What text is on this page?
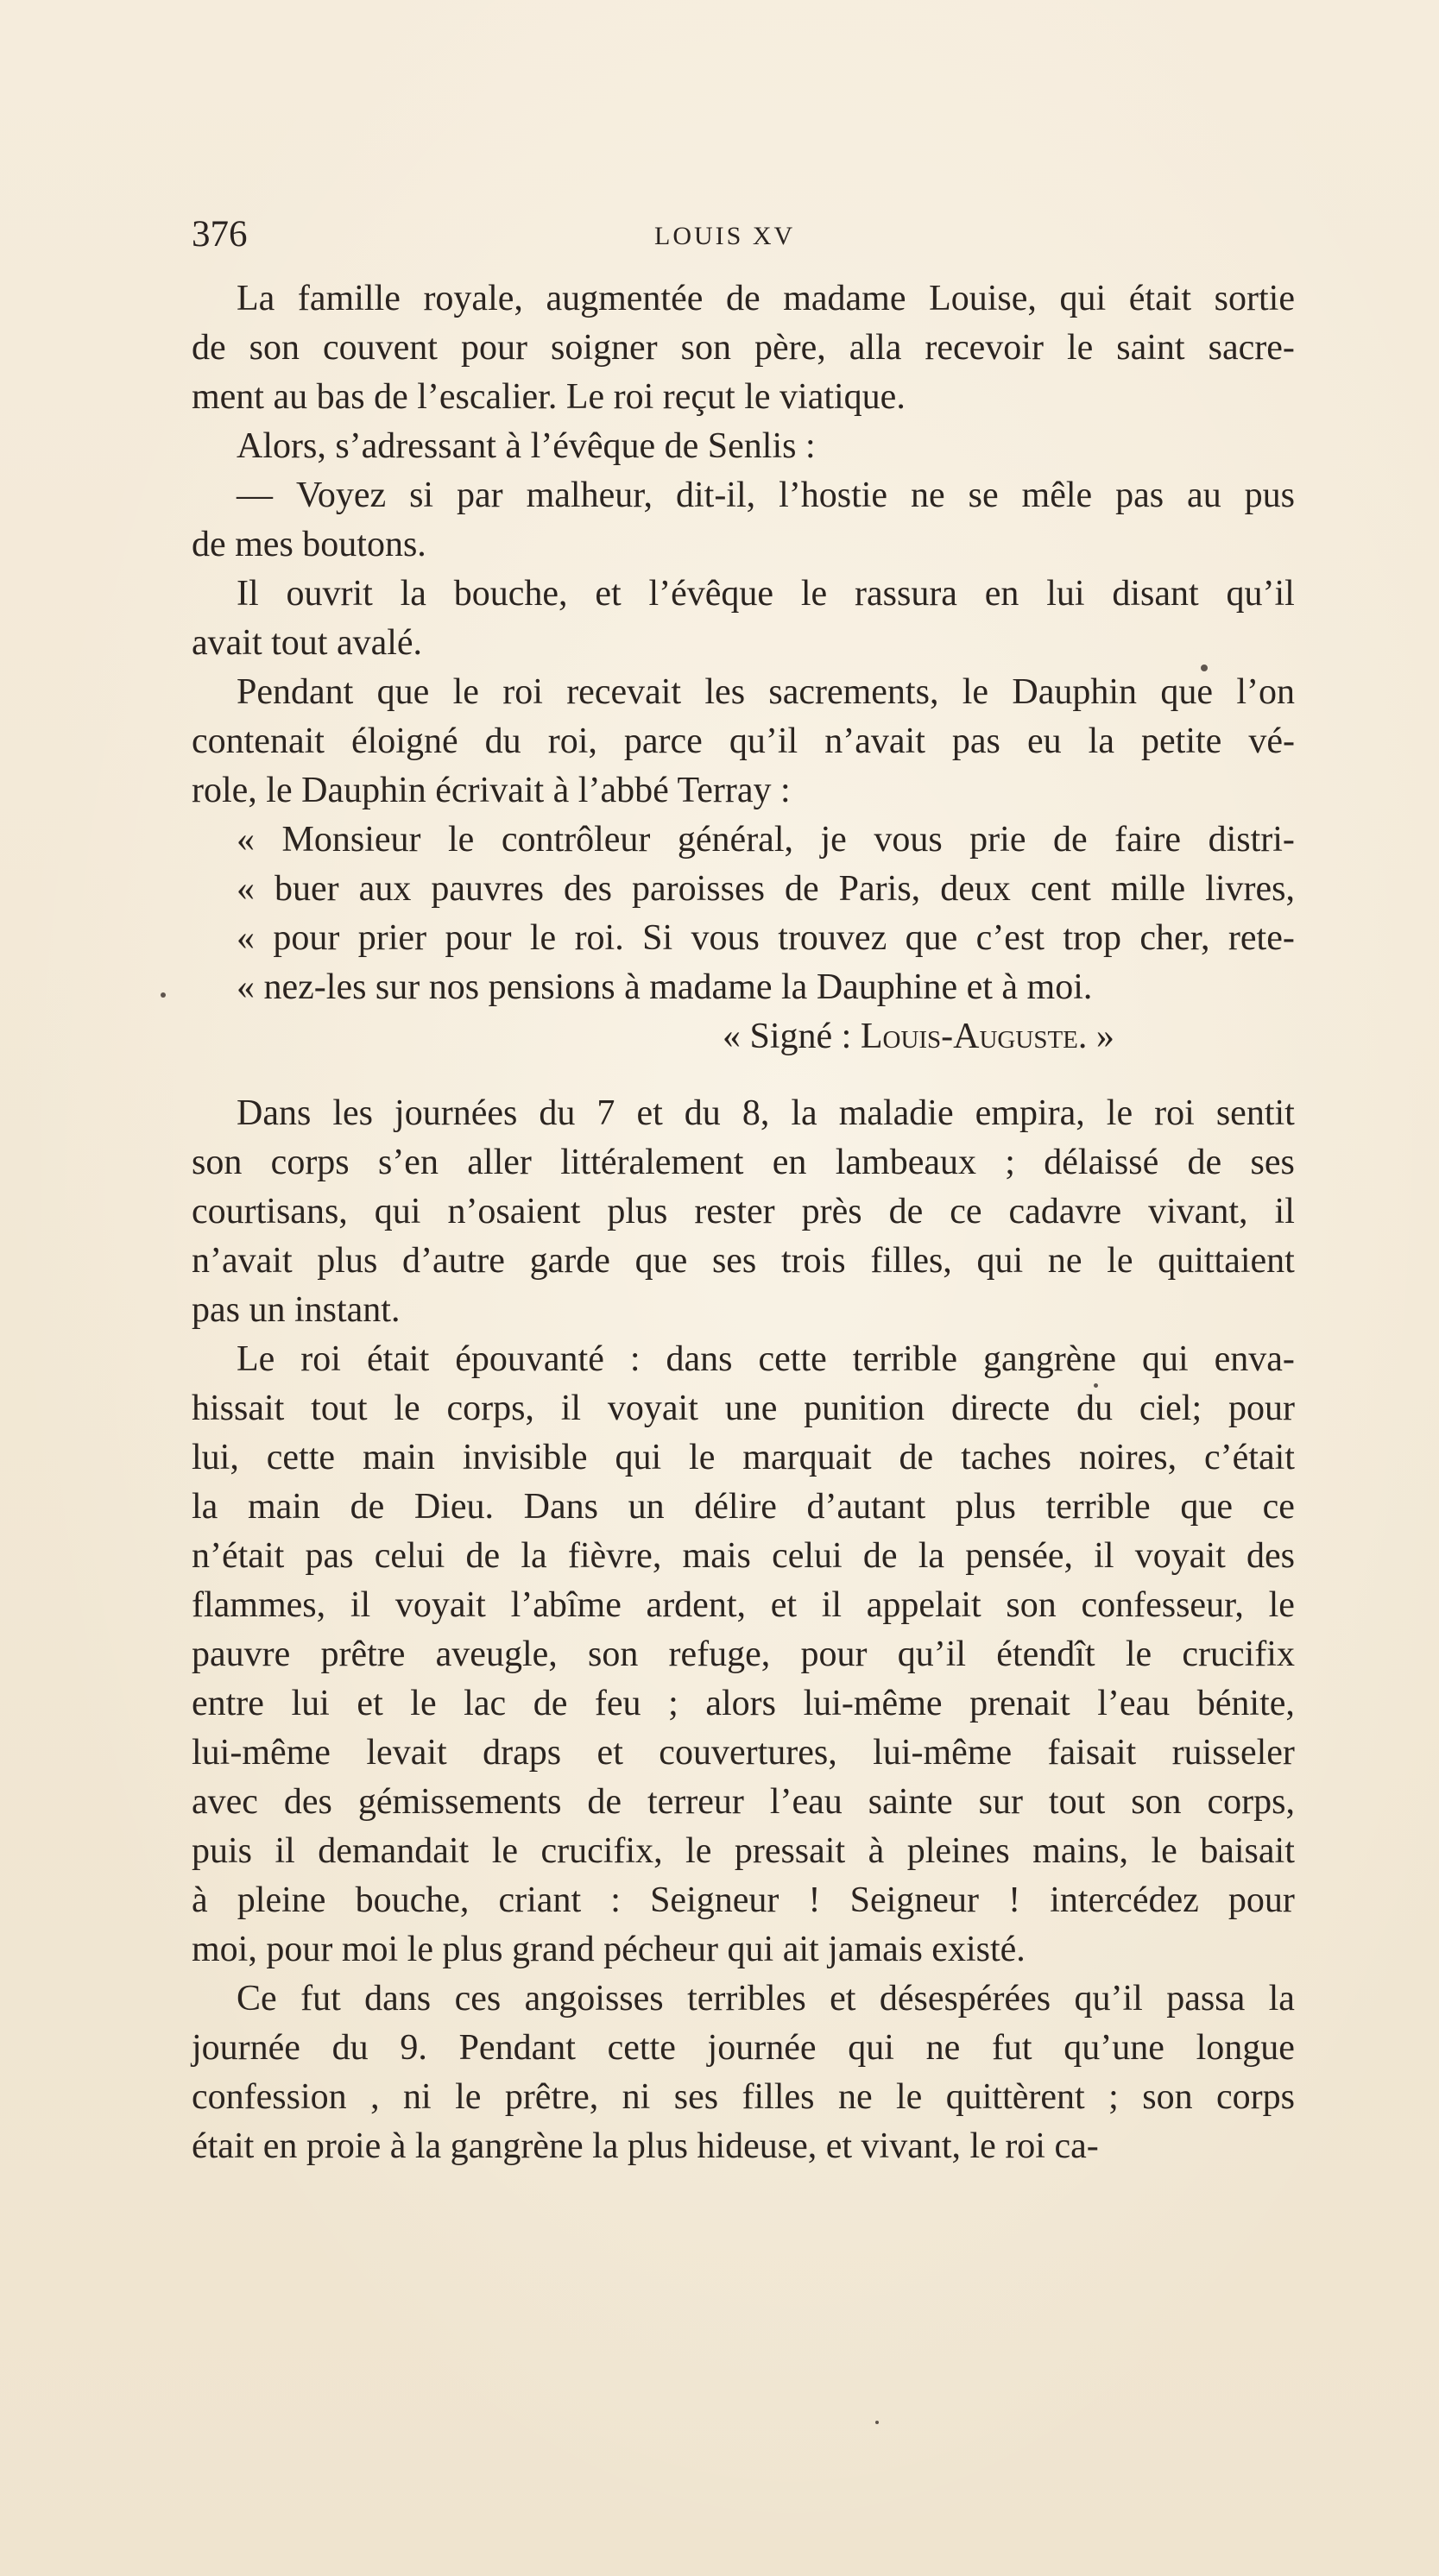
376	LOUIS XV
La famille royale, augmentée de madame Louise, qui était sortie
de son couvent pour soigner son père, alla recevoir le saint sacre-
ment au bas de l’escalier. Le roi reçut le viatique.
Alors, s’adressant à l’évêque de Senlis :
— Voyez si par malheur, dit-il, l’hostie ne se mêle pas au pus
de mes boutons.
Il ouvrit la bouche, et l’évêque le rassura en lui disant qu’il
avait tout avalé.
Pendant que le roi recevait les sacrements, le Dauphin que l’on
contenait éloigné du roi, parce qu’il n’avait pas eu la petite vé-
role, le Dauphin écrivait à l’abbé Terray :
« Monsieur le contrôleur général, je vous prie de faire distri-
« buer aux pauvres des paroisses de Paris, deux cent mille livres,
« pour prier pour le roi. Si vous trouvez que c’est trop cher, rete-
« nez-les sur nos pensions à madame la Dauphine et à moi.
« Signé : Louis-Auguste. »
Dans les journées du 7 et du 8, la maladie empira, le roi sentit
son corps s’en aller littéralement en lambeaux ; délaissé de ses
courtisans, qui n’osaient plus rester près de ce cadavre vivant, il
n’avait plus d’autre garde que ses trois filles, qui ne le quittaient
pas un instant.
Le roi était épouvanté : dans cette terrible gangrène qui enva-
hissait tout le corps, il voyait une punition directe du ciel; pour
lui, cette main invisible qui le marquait de taches noires, c’était
la main de Dieu. Dans un délire d’autant plus terrible que ce
n’était pas celui de la fièvre, mais celui de la pensée, il voyait des
flammes, il voyait l’abîme ardent, et il appelait son confesseur, le
pauvre prêtre aveugle, son refuge, pour qu’il étendît le crucifix
entre lui et le lac de feu ; alors lui-même prenait l’eau bénite,
lui-même levait draps et couvertures, lui-même faisait ruisseler
avec des gémissements de terreur l’eau sainte sur tout son corps,
puis il demandait le crucifix, le pressait à pleines mains, le baisait
à pleine bouche, criant : Seigneur ! Seigneur ! intercédez pour
moi, pour moi le plus grand pécheur qui ait jamais existé.
Ce fut dans ces angoisses terribles et désespérées qu’il passa la
journée du 9. Pendant cette journée qui ne fut qu’une longue
confession , ni le prêtre, ni ses filles ne le quittèrent ; son corps
était en proie à la gangrène la plus hideuse, et vivant, le roi ca-
